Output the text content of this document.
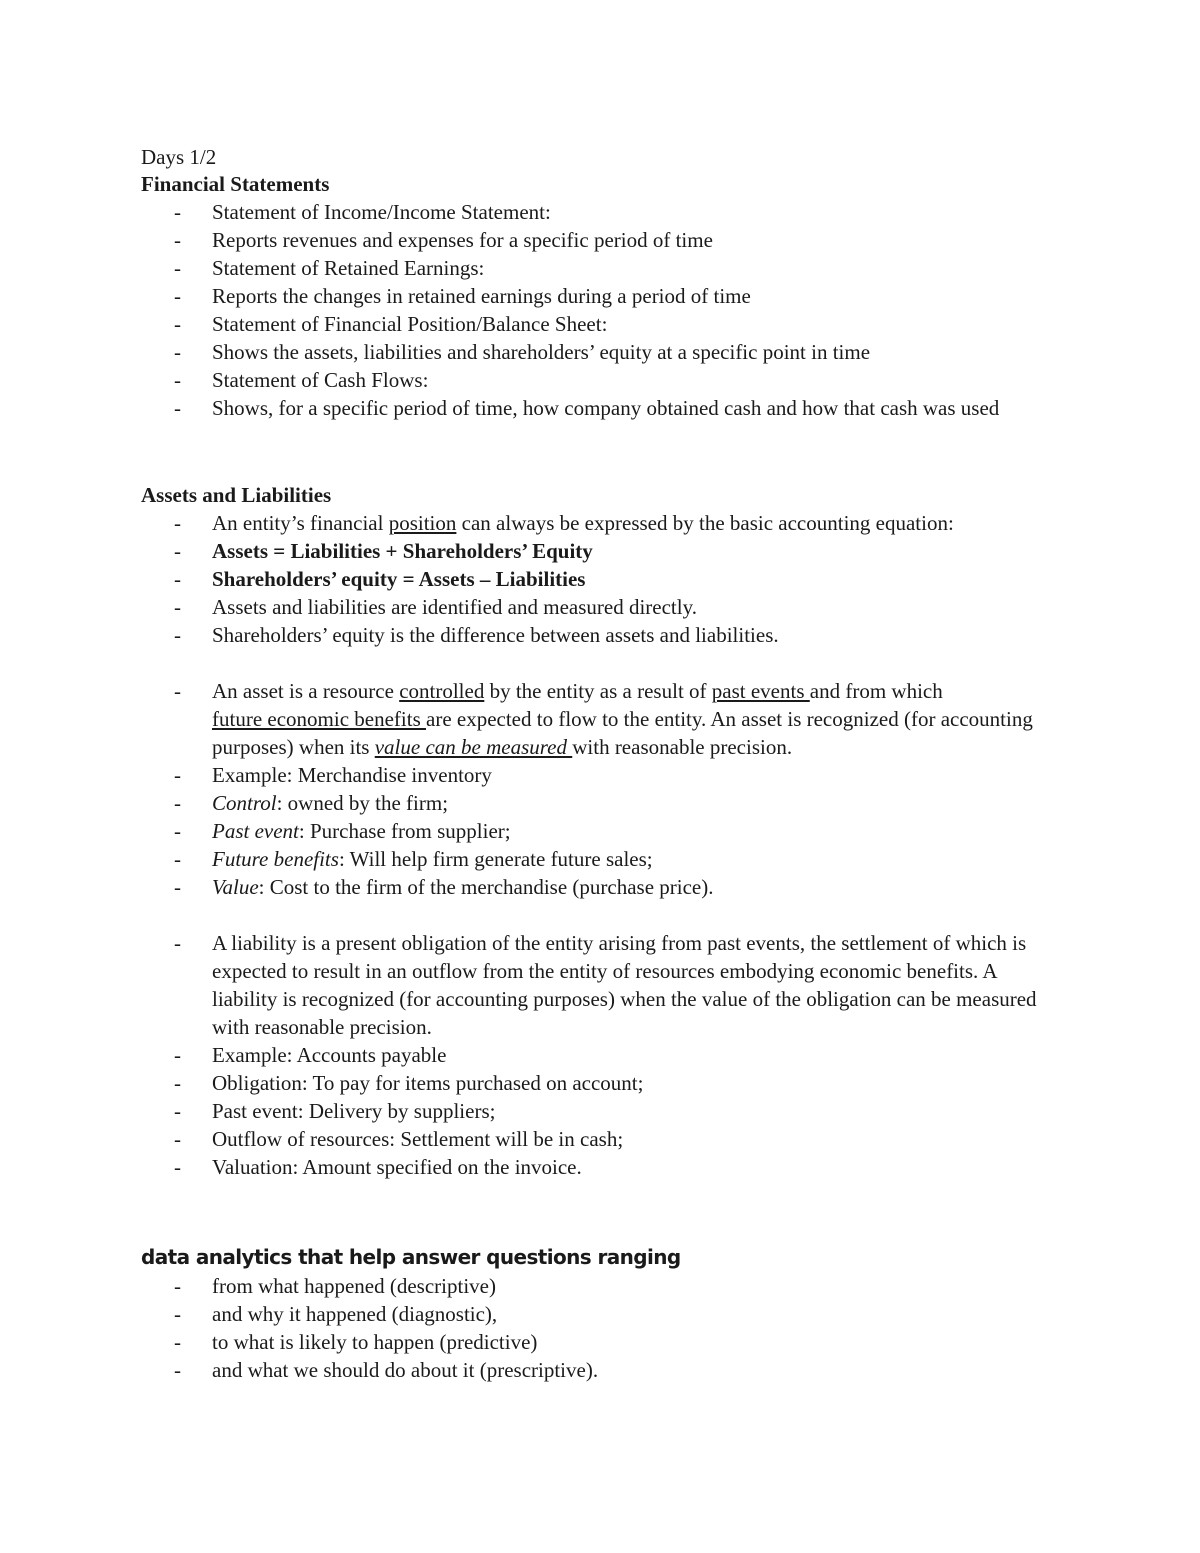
Days 1/2
Financial Statements
- Statement of Income/Income Statement:
- Reports revenues and expenses for a specific period of time
- Statement of Retained Earnings:
- Reports the changes in retained earnings during a period of time
- Statement of Financial Position/Balance Sheet:
- Shows the assets, liabilities and shareholders’ equity at a specific point in time
- Statement of Cash Flows:
- Shows, for a specific period of time, how company obtained cash and how that cash was used
Assets and Liabilities
- An entity’s financial position can always be expressed by the basic accounting equation:
- Assets = Liabilities + Shareholders’ Equity
- Shareholders’ equity = Assets – Liabilities
- Assets and liabilities are identified and measured directly.
- Shareholders’ equity is the difference between assets and liabilities.
- An asset is a resource controlled by the entity as a result of past events and from which
future economic benefits are expected to flow to the entity. An asset is recognized (for accounting purposes) when its value can be measured with reasonable precision.
- Example: Merchandise inventory
- Control: owned by the firm;
- Past event: Purchase from supplier;
- Future benefits: Will help firm generate future sales;
- Value: Cost to the firm of the merchandise (purchase price).
- A liability is a present obligation of the entity arising from past events, the settlement of which is expected to result in an outflow from the entity of resources embodying economic benefits. A liability is recognized (for accounting purposes) when the value of the obligation can be measured with reasonable precision.
- Example: Accounts payable
- Obligation: To pay for items purchased on account;
- Past event: Delivery by suppliers;
- Outflow of resources: Settlement will be in cash;
- Valuation: Amount specified on the invoice.
data analytics that help answer questions ranging
- from what happened (descriptive)
- and why it happened (diagnostic),
- to what is likely to happen (predictive)
- and what we should do about it (prescriptive).
